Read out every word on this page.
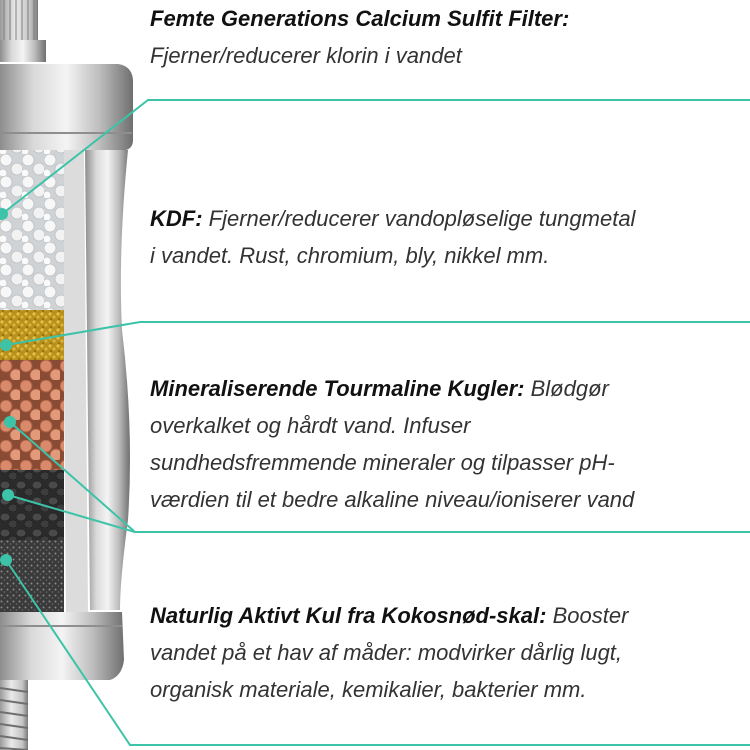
Femte Generations Calcium Sulfit Filter:
Fjerner/reducerer klorin i vandet
KDF: Fjerner/reducerer vandopløselige tungmetal
i vandet. Rust, chromium, bly, nikkel mm.
Mineraliserende Tourmaline Kugler: Blødgør
overkalket og hårdt vand. Infuser
sundhedsfremmende mineraler og tilpasser pH-
værdien til et bedre alkaline niveau/ioniserer vand
Naturlig Aktivt Kul fra Kokosnød-skal: Booster
vandet på et hav af måder: modvirker dårlig lugt,
organisk materiale, kemikalier, bakterier mm.
